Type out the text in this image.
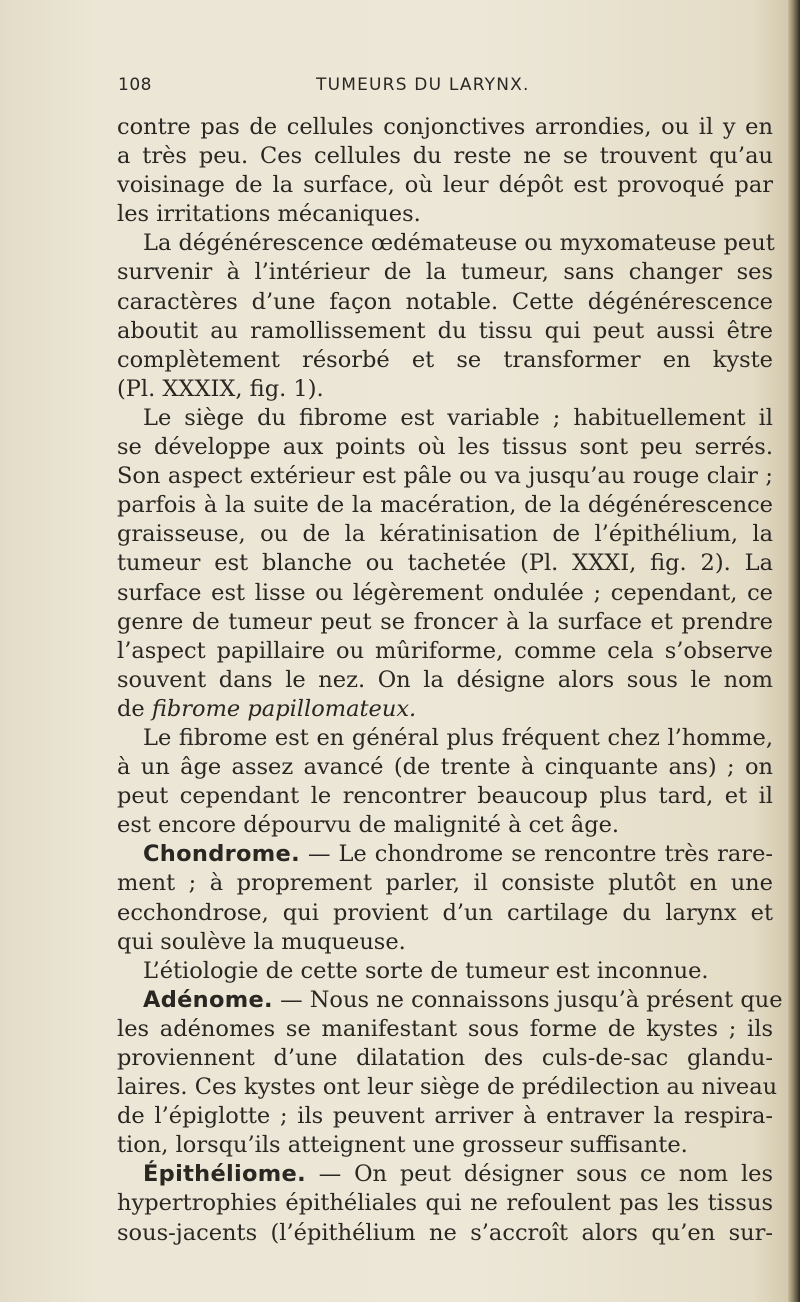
108	TUMEURS DU LARYNX.
contre pas de cellules conjonctives arrondies, ou il y en
a très peu. Ces cellules du reste ne se trouvent qu’au
voisinage de la surface, où leur dépôt est provoqué par
les irritations mécaniques.
La dégénérescence œdémateuse ou myxomateuse peut
survenir à l’intérieur de la tumeur, sans changer ses
caractères d’une façon notable. Cette dégénérescence
aboutit au ramollissement du tissu qui peut aussi être
complètement résorbé et se transformer en kyste
(Pl. XXXIX, fig. 1).
Le siège du fibrome est variable ; habituellement il
se développe aux points où les tissus sont peu serrés.
Son aspect extérieur est pâle ou va jusqu’au rouge clair ;
parfois à la suite de la macération, de la dégénérescence
graisseuse, ou de la kératinisation de l’épithélium, la
tumeur est blanche ou tachetée (Pl. XXXI, fig. 2). La
surface est lisse ou légèrement ondulée ; cependant, ce
genre de tumeur peut se froncer à la surface et prendre
l’aspect papillaire ou mûriforme, comme cela s’observe
souvent dans le nez. On la désigne alors sous le nom
de fibrome papillomateux.
Le fibrome est en général plus fréquent chez l’homme,
à un âge assez avancé (de trente à cinquante ans) ; on
peut cependant le rencontrer beaucoup plus tard, et il
est encore dépourvu de malignité à cet âge.
Chondrome. — Le chondrome se rencontre très rare-
ment ; à proprement parler, il consiste plutôt en une
ecchondrose, qui provient d’un cartilage du larynx et
qui soulève la muqueuse.
L’étiologie de cette sorte de tumeur est inconnue.
Adénome. — Nous ne connaissons jusqu’à présent que
les adénomes se manifestant sous forme de kystes ; ils
proviennent d’une dilatation des culs-de-sac glandu-
laires. Ces kystes ont leur siège de prédilection au niveau
de l’épiglotte ; ils peuvent arriver à entraver la respira-
tion, lorsqu’ils atteignent une grosseur suffisante.
Épithéliome. — On peut désigner sous ce nom les
hypertrophies épithéliales qui ne refoulent pas les tissus
sous-jacents (l’épithélium ne s’accroît alors qu’en sur-
